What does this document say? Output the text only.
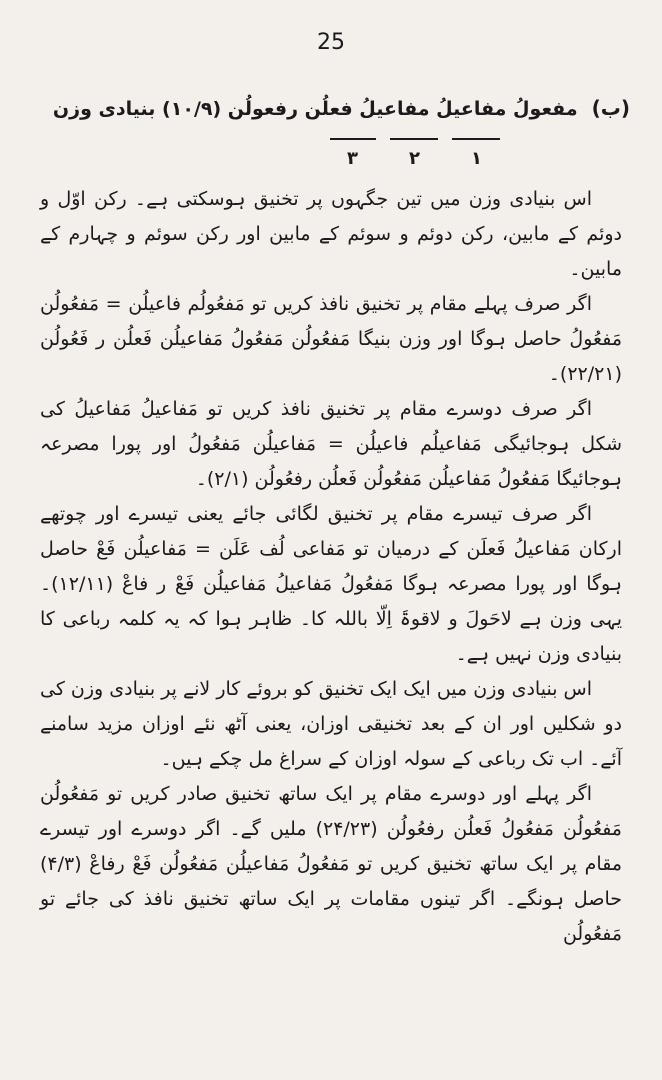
25
(ب)
مفعولُ مفاعیلُ مفاعیلُ فعلُن رفعولُن (۱۰/۹) بنیادی وزن
۱
۲
۳

اس بنیادی وزن میں تین جگہوں پر تخنیق ہوسکتی ہے۔ رکن اوّل و دوئم کے مابین، رکن دوئم و سوئم کے مابین اور رکن سوئم و چہارم کے مابین۔

اگر صرف پہلے مقام پر تخنیق نافذ کریں تو مَفعُولُم فاعیلُن = مَفعُولُن مَفعُولُ حاصل ہوگا اور وزن بنیگا مَفعُولُن مَفعُولُ مَفاعیلُن فَعلُن ر فَعُولُن (۲۲/۲۱)۔

اگر صرف دوسرے مقام پر تخنیق نافذ کریں تو مَفاعیلُ مَفاعیلُ کی شکل ہوجائیگی مَفاعیلُم فاعیلُن = مَفاعیلُن مَفعُولُ اور پورا مصرعہ ہوجائیگا مَفعُولُ مَفاعیلُن مَفعُولُن فَعلُن رفعُولُن (۲/۱)۔

اگر صرف تیسرے مقام پر تخنیق لگائی جائے یعنی تیسرے اور چوتھے ارکان مَفاعیلُ فَعلَن کے درمیان تو مَفاعی لُف عَلَن = مَفاعیلُن فَعْ حاصل ہوگا اور پورا مصرعہ ہوگا مَفعُولُ مَفاعیلُ مَفاعیلُن فَعْ ر فاعْ (۱۲/۱۱)۔ یہی وزن ہے لاحَولَ و لاقوۃَ اِلّا باللہ کا۔ ظاہر ہوا کہ یہ کلمہ رباعی کا بنیادی وزن نہیں ہے۔

اس بنیادی وزن میں ایک ایک تخنیق کو بروئے کار لانے پر بنیادی وزن کی دو شکلیں اور ان کے بعد تخنیقی اوزان، یعنی آٹھ نئے اوزان مزید سامنے آئے۔ اب تک رباعی کے سولہ اوزان کے سراغ مل چکے ہیں۔

اگر پہلے اور دوسرے مقام پر ایک ساتھ تخنیق صادر کریں تو مَفعُولُن مَفعُولُن مَفعُولُ فَعلُن رفعُولُن (۲۴/۲۳) ملیں گے۔ اگر دوسرے اور تیسرے مقام پر ایک ساتھ تخنیق کریں تو مَفعُولُ مَفاعیلُن مَفعُولُن فَعْ رفاعْ (۴/۳) حاصل ہونگے۔ اگر تینوں مقامات پر ایک ساتھ تخنیق نافذ کی جائے تو مَفعُولُن
